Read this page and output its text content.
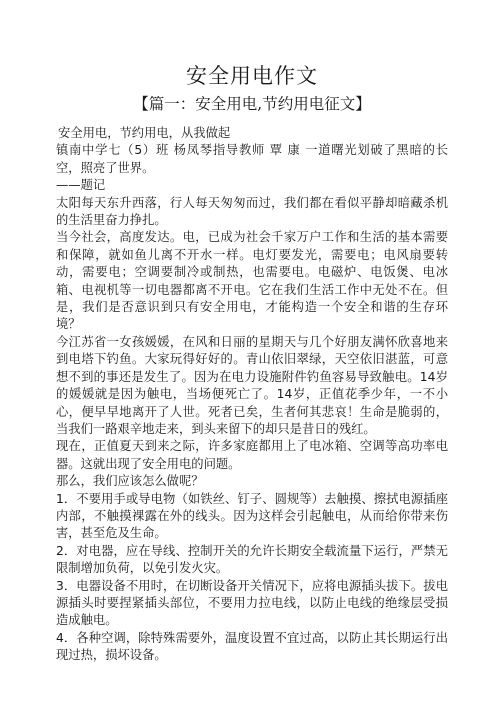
安全用电作文
【篇一：安全用电,节约用电征文】

安全用电，节约用电，从我做起

镇南中学七（5）班 杨凤琴指导教师 覃 康 一道曙光划破了黑暗的长空，照亮了世界。

——题记

太阳每天东升西落，行人每天匆匆而过，我们都在看似平静却暗藏杀机的生活里奋力挣扎。

当今社会，高度发达。电，已成为社会千家万户工作和生活的基本需要和保障，就如鱼儿离不开水一样。电灯要发光，需要电；电风扇要转动，需要电；空调要制冷或制热，也需要电。电磁炉、电饭煲、电冰箱、电视机等一切电器都离不开电。它在我们生活工作中无处不在。但是，我们是否意识到只有安全用电，才能构造一个安全和谐的生存环境？

今江苏省一女孩媛媛，在风和日丽的星期天与几个好朋友满怀欣喜地来到电塔下钓鱼。大家玩得好好的。青山依旧翠绿，天空依旧湛蓝，可意想不到的事还是发生了。因为在电力设施附件钓鱼容易导致触电。14岁的媛媛就是因为触电，当场便死亡了。14岁，正值花季少年，一不小心，便早早地离开了人世。死者已矣，生者何其悲哀！生命是脆弱的，当我们一路艰辛地走来，到头来留下的却只是昔日的残红。

现在，正值夏天到来之际，许多家庭都用上了电冰箱、空调等高功率电器。这就出现了安全用电的问题。

那么，我们应该怎么做呢？

1．不要用手或导电物（如铁丝、钉子、圆规等）去触摸、擦拭电源插座内部，不触摸裸露在外的线头。因为这样会引起触电，从而给你带来伤害，甚至危及生命。

2．对电器，应在导线、控制开关的允许长期安全载流量下运行，严禁无限制增加负荷，以免引发火灾。

3．电器设备不用时，在切断设备开关情况下，应将电源插头拔下。拔电源插头时要捏紧插头部位，不要用力拉电线，以防止电线的绝缘层受损造成触电。

4．各种空调，除特殊需要外，温度设置不宜过高，以防止其长期运行出现过热，损坏设备。
